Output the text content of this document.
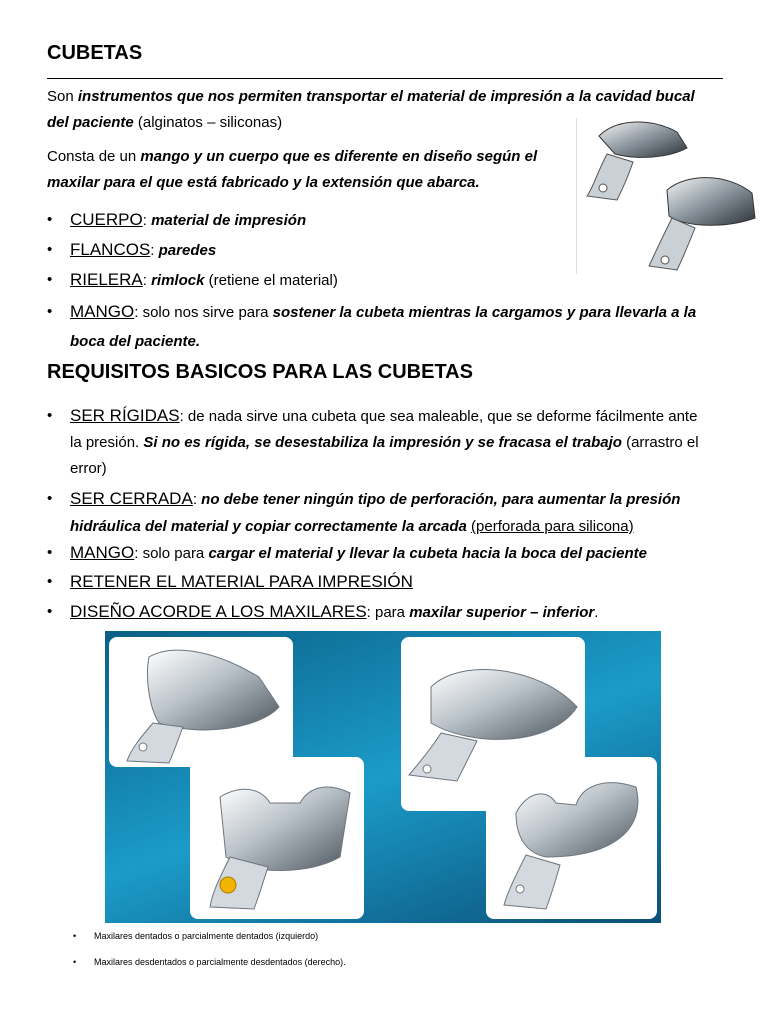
CUBETAS

Son instrumentos que nos permiten transportar el material de impresión a la cavidad bucal
del paciente (alginatos – siliconas)

Consta de un mango y un cuerpo que es diferente en diseño según el
maxilar para el que está fabricado y la extensión que abarca.

• CUERPO: material de impresión
• FLANCOS: paredes
• RIELERA: rimlock (retiene el material)
• MANGO: solo nos sirve para sostener la cubeta mientras la cargamos y para llevarla a la
boca del paciente.
REQUISITOS BASICOS PARA LAS CUBETAS
• SER RÍGIDAS: de nada sirve una cubeta que sea maleable, que se deforme fácilmente ante
la presión. Si no es rígida, se desestabiliza la impresión y se fracasa el trabajo (arrastro el
error)
• SER CERRADA: no debe tener ningún tipo de perforación, para aumentar la presión
hidráulica del material y copiar correctamente la arcada (perforada para silicona)
• MANGO: solo para cargar el material y llevar la cubeta hacia la boca del paciente
• RETENER EL MATERIAL PARA IMPRESIÓN
• DISEÑO ACORDE A LOS MAXILARES: para maxilar superior – inferior.
• Maxilares dentados o parcialmente dentados (izquierdo)
• Maxilares desdentados o parcialmente desdentados (derecho).
